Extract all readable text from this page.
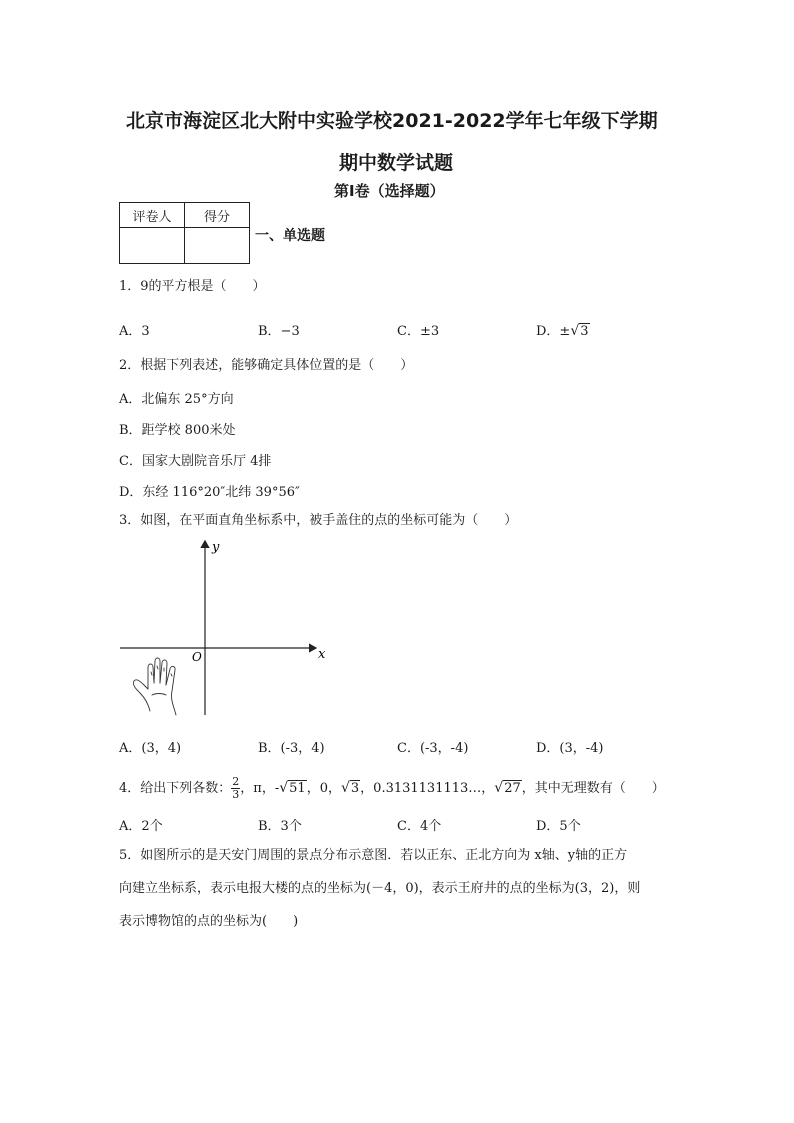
北京市海淀区北大附中实验学校2021-2022学年七年级下学期
期中数学试题
第I卷（选择题）
评卷人	得分

一、单选题
1．9的平方根是（　　）
A．3	B．−3	C．±3	D．±√3
2．根据下列表述，能够确定具体位置的是（　　）
A．北偏东 25°方向
B．距学校 800米处
C．国家大剧院音乐厅 4排
D．东经 116°20″北纬 39°56″
3．如图，在平面直角坐标系中，被手盖住的点的坐标可能为（　　）
x
y
O
A．(3，4)	B．(-3，4)	C．(-3，-4)	D．(3，-4)
4．给出下列各数： $\frac{2}{3}$ ，π，-√51，0，√3，0.3131131113…，√27，其中无理数有（　　）
A．2个	B．3个	C．4个	D．5个
5．如图所示的是天安门周围的景点分布示意图．若以正东、正北方向为 x轴、y轴的正方
向建立坐标系，表示电报大楼的点的坐标为(－4，0)，表示王府井的点的坐标为(3，2)，则
表示博物馆的点的坐标为(　　)
